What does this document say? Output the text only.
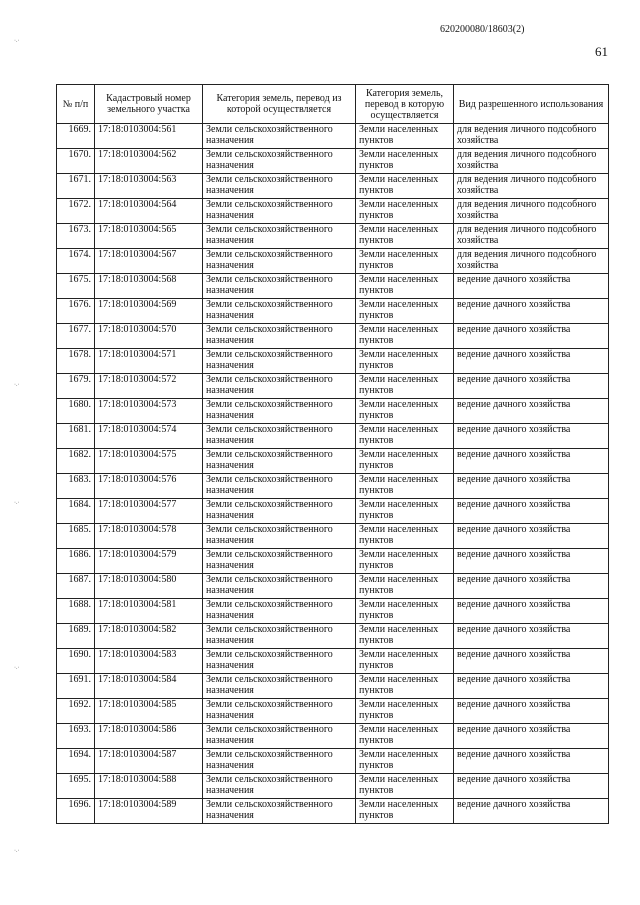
620200080/18603(2)
61
·.·
·.·
·.·
·.·
·.·
№ п/п	Кадастровый номер земельного участка	Категория земель, перевод из которой осуществляется	Категория земель, перевод в которую осуществляется	Вид разрешенного использования
1669.	17:18:0103004:561	Земли сельскохозяйственного назначения	Земли населенных пунктов	для ведения личного подсобного хозяйства
1670.	17:18:0103004:562	Земли сельскохозяйственного назначения	Земли населенных пунктов	для ведения личного подсобного хозяйства
1671.	17:18:0103004:563	Земли сельскохозяйственного назначения	Земли населенных пунктов	для ведения личного подсобного хозяйства
1672.	17:18:0103004:564	Земли сельскохозяйственного назначения	Земли населенных пунктов	для ведения личного подсобного хозяйства
1673.	17:18:0103004:565	Земли сельскохозяйственного назначения	Земли населенных пунктов	для ведения личного подсобного хозяйства
1674.	17:18:0103004:567	Земли сельскохозяйственного назначения	Земли населенных пунктов	для ведения личного подсобного хозяйства
1675.	17:18:0103004:568	Земли сельскохозяйственного назначения	Земли населенных пунктов	ведение дачного хозяйства
1676.	17:18:0103004:569	Земли сельскохозяйственного назначения	Земли населенных пунктов	ведение дачного хозяйства
1677.	17:18:0103004:570	Земли сельскохозяйственного назначения	Земли населенных пунктов	ведение дачного хозяйства
1678.	17:18:0103004:571	Земли сельскохозяйственного назначения	Земли населенных пунктов	ведение дачного хозяйства
1679.	17:18:0103004:572	Земли сельскохозяйственного назначения	Земли населенных пунктов	ведение дачного хозяйства
1680.	17:18:0103004:573	Земли сельскохозяйственного назначения	Земли населенных пунктов	ведение дачного хозяйства
1681.	17:18:0103004:574	Земли сельскохозяйственного назначения	Земли населенных пунктов	ведение дачного хозяйства
1682.	17:18:0103004:575	Земли сельскохозяйственного назначения	Земли населенных пунктов	ведение дачного хозяйства
1683.	17:18:0103004:576	Земли сельскохозяйственного назначения	Земли населенных пунктов	ведение дачного хозяйства
1684.	17:18:0103004:577	Земли сельскохозяйственного назначения	Земли населенных пунктов	ведение дачного хозяйства
1685.	17:18:0103004:578	Земли сельскохозяйственного назначения	Земли населенных пунктов	ведение дачного хозяйства
1686.	17:18:0103004:579	Земли сельскохозяйственного назначения	Земли населенных пунктов	ведение дачного хозяйства
1687.	17:18:0103004:580	Земли сельскохозяйственного назначения	Земли населенных пунктов	ведение дачного хозяйства
1688.	17:18:0103004:581	Земли сельскохозяйственного назначения	Земли населенных пунктов	ведение дачного хозяйства
1689.	17:18:0103004:582	Земли сельскохозяйственного назначения	Земли населенных пунктов	ведение дачного хозяйства
1690.	17:18:0103004:583	Земли сельскохозяйственного назначения	Земли населенных пунктов	ведение дачного хозяйства
1691.	17:18:0103004:584	Земли сельскохозяйственного назначения	Земли населенных пунктов	ведение дачного хозяйства
1692.	17:18:0103004:585	Земли сельскохозяйственного назначения	Земли населенных пунктов	ведение дачного хозяйства
1693.	17:18:0103004:586	Земли сельскохозяйственного назначения	Земли населенных пунктов	ведение дачного хозяйства
1694.	17:18:0103004:587	Земли сельскохозяйственного назначения	Земли населенных пунктов	ведение дачного хозяйства
1695.	17:18:0103004:588	Земли сельскохозяйственного назначения	Земли населенных пунктов	ведение дачного хозяйства
1696.	17:18:0103004:589	Земли сельскохозяйственного назначения	Земли населенных пунктов	ведение дачного хозяйства
